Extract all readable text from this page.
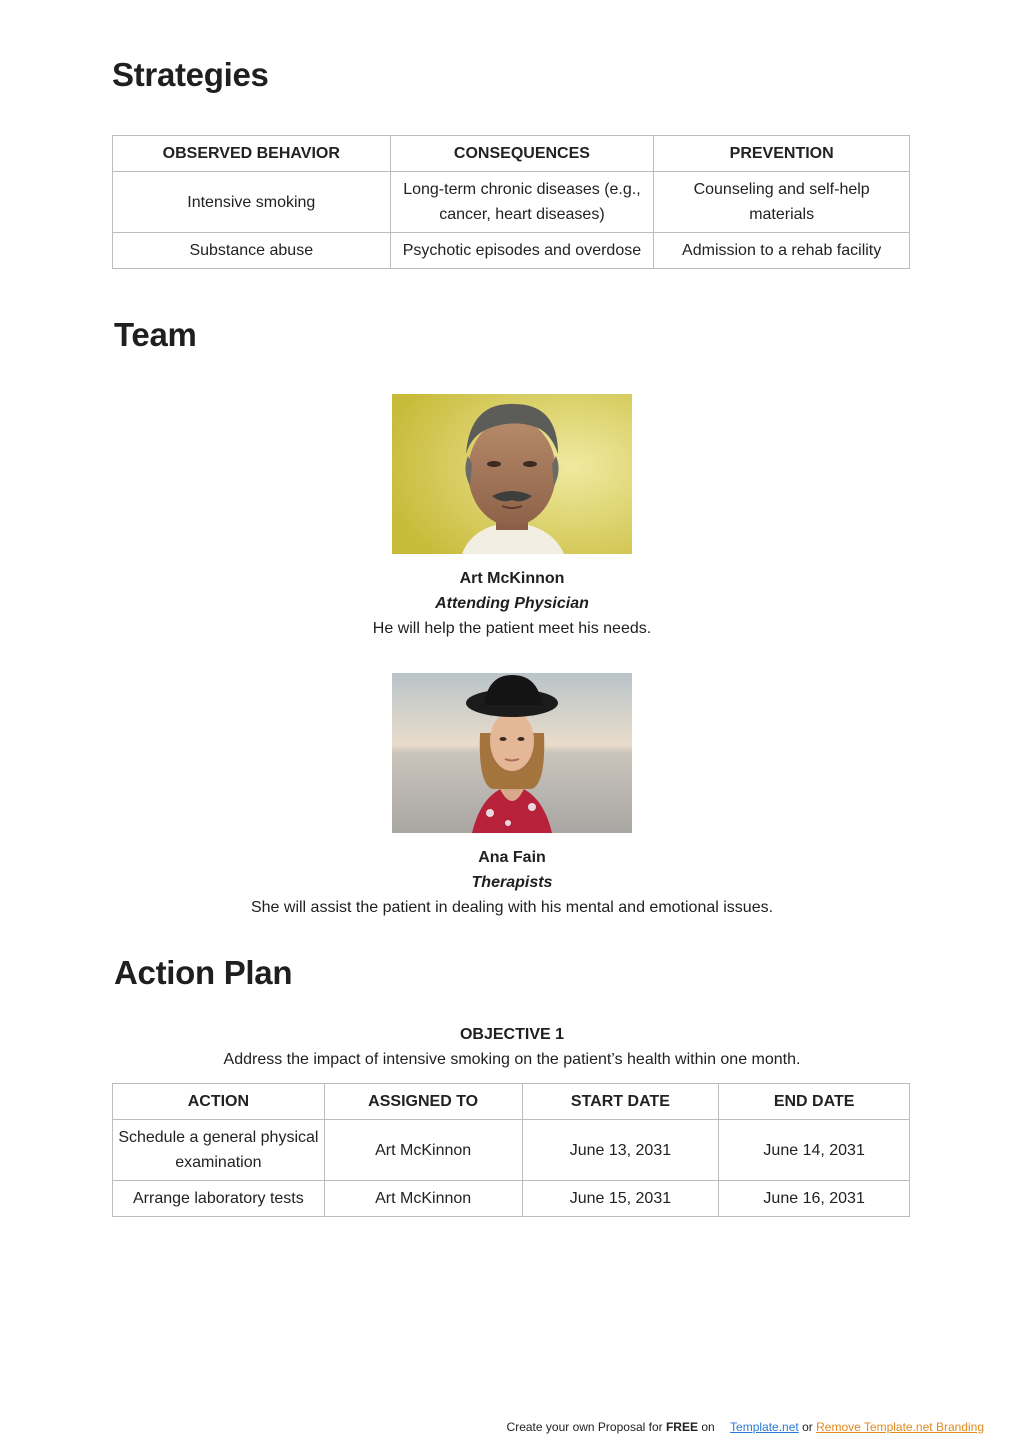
Strategies
OBSERVED BEHAVIOR	CONSEQUENCES	PREVENTION
Intensive smoking	Long-term chronic diseases (e.g., cancer, heart diseases)	Counseling and self-help materials
Substance abuse	Psychotic episodes and overdose	Admission to a rehab facility
Team
Art McKinnon
Attending Physician
He will help the patient meet his needs.
Ana Fain
Therapists
She will assist the patient in dealing with his mental and emotional issues.
Action Plan
OBJECTIVE 1
Address the impact of intensive smoking on the patient’s health within one month.
ACTION	ASSIGNED TO	START DATE	END DATE
Schedule a general physical examination	Art McKinnon	June 13, 2031	June 14, 2031
Arrange laboratory tests	Art McKinnon	June 15, 2031	June 16, 2031
Create your own Proposal for FREE on Template.net or Remove Template.net Branding
